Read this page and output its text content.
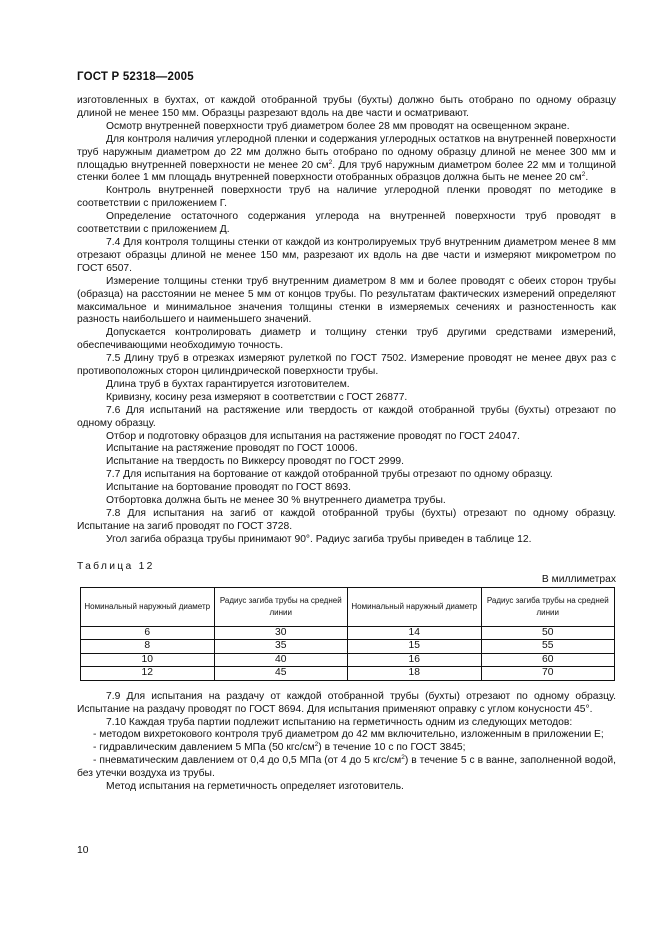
ГОСТ Р 52318—2005

изготовленных в бухтах, от каждой отобранной трубы (бухты) должно быть отобрано по одному образцу длиной не менее 150 мм. Образцы разрезают вдоль на две части и осматривают.

Осмотр внутренней поверхности труб диаметром более 28 мм проводят на освещенном экране.

Для контроля наличия углеродной пленки и содержания углеродных остатков на внутренней поверхности труб наружным диаметром до 22 мм должно быть отобрано по одному образцу длиной не менее 300 мм и площадью внутренней поверхности не менее 20 $см^2$. Для труб наружным диаметром более 22 мм и толщиной стенки более 1 мм площадь внутренней поверхности отобранных образцов должна быть не менее 20 $см^2$.

Контроль внутренней поверхности труб на наличие углеродной пленки проводят по методике в соответствии с приложением Г.

Определение остаточного содержания углерода на внутренней поверхности труб проводят в соответствии с приложением Д.

7.4 Для контроля толщины стенки от каждой из контролируемых труб внутренним диаметром менее 8 мм отрезают образцы длиной не менее 150 мм, разрезают их вдоль на две части и измеряют микрометром по ГОСТ 6507.

Измерение толщины стенки труб внутренним диаметром 8 мм и более проводят с обеих сторон трубы (образца) на расстоянии не менее 5 мм от концов трубы. По результатам фактических измерений определяют максимальное и минимальное значения толщины стенки в измеряемых сечениях и разностенность как разность наибольшего и наименьшего значений.

Допускается контролировать диаметр и толщину стенки труб другими средствами измерений, обеспечивающими необходимую точность.

7.5 Длину труб в отрезках измеряют рулеткой по ГОСТ 7502. Измерение проводят не менее двух раз с противоположных сторон цилиндрической поверхности трубы.

Длина труб в бухтах гарантируется изготовителем.

Кривизну, косину реза измеряют в соответствии с ГОСТ 26877.

7.6 Для испытаний на растяжение или твердость от каждой отобранной трубы (бухты) отрезают по одному образцу.

Отбор и подготовку образцов для испытания на растяжение проводят по ГОСТ 24047.

Испытание на растяжение проводят по ГОСТ 10006.

Испытание на твердость по Виккерсу проводят по ГОСТ 2999.

7.7 Для испытания на бортование от каждой отобранной трубы отрезают по одному образцу.

Испытание на бортование проводят по ГОСТ 8693.

Отбортовка должна быть не менее 30 % внутреннего диаметра трубы.

7.8 Для испытания на загиб от каждой отобранной трубы (бухты) отрезают по одному образцу. Испытание на загиб проводят по ГОСТ 3728.

Угол загиба образца трубы принимают 90°. Радиус загиба трубы приведен в таблице 12.

Таблица 12
В миллиметрах
Номинальный наружный диаметр	Радиус загиба трубы на средней линии	Номинальный наружный диаметр	Радиус загиба трубы на средней линии
6	30	14	50
8	35	15	55
10	40	16	60
12	45	18	70

7.9 Для испытания на раздачу от каждой отобранной трубы (бухты) отрезают по одному образцу. Испытание на раздачу проводят по ГОСТ 8694. Для испытания применяют оправку с углом конусности 45°.

7.10 Каждая труба партии подлежит испытанию на герметичность одним из следующих методов:

- методом вихретокового контроля труб диаметром до 42 мм включительно, изложенным в приложении Е;

- гидравлическим давлением 5 МПа (50 кгс/$см^2$) в течение 10 с по ГОСТ 3845;

- пневматическим давлением от 0,4 до 0,5 МПа (от 4 до 5 кгс/$см^2$) в течение 5 с в ванне, заполненной водой, без утечки воздуха из трубы.

Метод испытания на герметичность определяет изготовитель.

10
